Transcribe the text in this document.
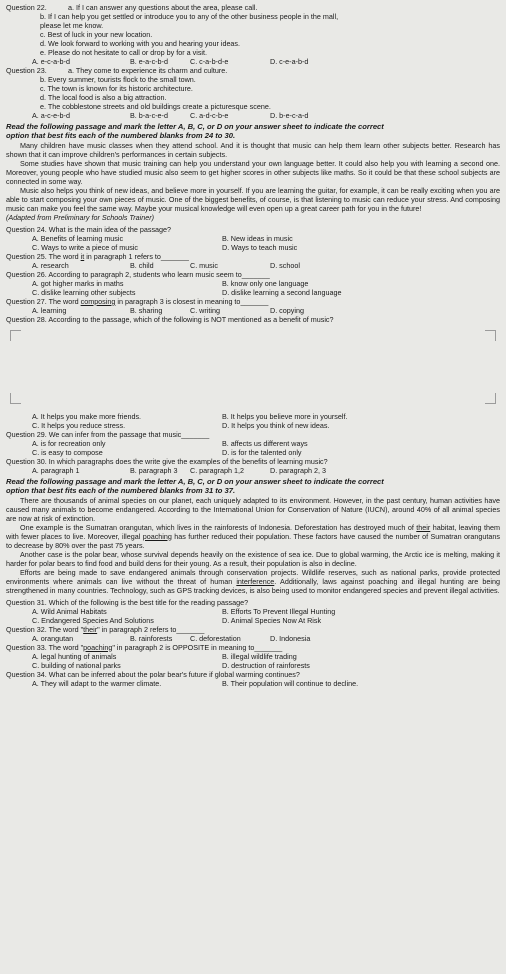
Question 22.	a. If I can answer any questions about the area, please call.
b. If I can help you get settled or introduce you to any of the other business people in the mall,
please let me know.
c. Best of luck in your new location.
d. We look forward to working with you and hearing your ideas.
e. Please do not hesitate to call or drop by for a visit.
A. e-c-a-b-d	B. e-a-c-b-d	C. c-a-b-d-e	D. c-e-a-b-d
Question 23.	a. They come to experience its charm and culture.
b. Every summer, tourists flock to the small town.
c. The town is known for its historic architecture.
d. The local food is also a big attraction.
e. The cobblestone streets and old buildings create a picturesque scene.
A. a-c-e-b-d	B. b-a-c-e-d	C. a-d-c-b-e	D. b-e-c-a-d
Read the following passage and mark the letter A, B, C, or D on your answer sheet to indicate the correct
option that best fits each of the numbered blanks from 24 to 30.

Many children have music classes when they attend school. And it is thought that music can help them learn other subjects better. Research has shown that it can improve children's performances in certain subjects.

Some studies have shown that music training can help you understand your own language better. It could also help you with learning a second one. Moreover, young people who have studied music also seem to get higher scores in other subjects like maths. So it could be that these school subjects are connected in some way.

Music also helps you think of new ideas, and believe more in yourself. If you are learning the guitar, for example, it can be really exciting when you are able to start composing your own pieces of music. One of the biggest benefits, of course, is that listening to music can reduce your stress. And composing music can make you feel the same way. Maybe your musical knowledge will even open up a great career path for you in the future!

(Adapted from Preliminary for Schools Trainer)
Question 24. What is the main idea of the passage?
A. Benefits of learning music	B. New ideas in music
C. Ways to write a piece of music	D. Ways to teach music
Question 25. The word it in paragraph 1 refers to _______
A. research	B. child	C. music	D. school
Question 26. According to paragraph 2, students who learn music seem to _______
A. got higher marks in maths	B. know only one language
C. dislike learning other subjects	D. dislike learning a second language
Question 27. The word composing in paragraph 3 is closest in meaning to _______
A. learning	B. sharing	C. writing	D. copying
Question 28. According to the passage, which of the following is NOT mentioned as a benefit of music?
A. It helps you make more friends.	B. It helps you believe more in yourself.
C. It helps you reduce stress.	D. It helps you think of new ideas.
Question 29. We can infer from the passage that music _______
A. is for recreation only	B. affects us different ways
C. is easy to compose	D. is for the talented only
Question 30. In which paragraphs does the write give the examples of the benefits of learning music?
A. paragraph 1	B. paragraph 3	C. paragraph 1,2	D. paragraph 2, 3
Read the following passage and mark the letter A, B, C, or D on your answer sheet to indicate the correct
option that best fits each of the numbered blanks from 31 to 37.

There are thousands of animal species on our planet, each uniquely adapted to its environment. However, in the past century, human activities have caused many animals to become endangered. According to the International Union for Conservation of Nature (IUCN), around 40% of all animal species are now at risk of extinction.

One example is the Sumatran orangutan, which lives in the rainforests of Indonesia. Deforestation has destroyed much of their habitat, leaving them with fewer places to live. Moreover, illegal poaching has further reduced their population. These factors have caused the number of Sumatran orangutans to decrease by 80% over the past 75 years.

Another case is the polar bear, whose survival depends heavily on the existence of sea ice. Due to global warming, the Arctic ice is melting, making it harder for polar bears to find food and build dens for their young. As a result, their population is also in decline.

Efforts are being made to save endangered animals through conservation projects. Wildlife reserves, such as national parks, provide protected environments where animals can live without the threat of human interference. Additionally, laws against poaching and illegal hunting are being strengthened in many countries. Technology, such as GPS tracking devices, is also being used to monitor endangered species and prevent illegal activities.

Question 31. Which of the following is the best title for the reading passage?
A. Wild Animal Habitats	B. Efforts To Prevent Illegal Hunting
C. Endangered Species And Solutions	D. Animal Species Now At Risk
Question 32. The word "their" in paragraph 2 refers to _______
A. orangutan	B. rainforests	C. deforestation	D. Indonesia
Question 33. The word "poaching" in paragraph 2 is OPPOSITE in meaning to _______
A. legal hunting of animals	B. illegal wildlife trading
C. building of national parks	D. destruction of rainforests
Question 34. What can be inferred about the polar bear's future if global warming continues?
A. They will adapt to the warmer climate.	B. Their population will continue to decline.
